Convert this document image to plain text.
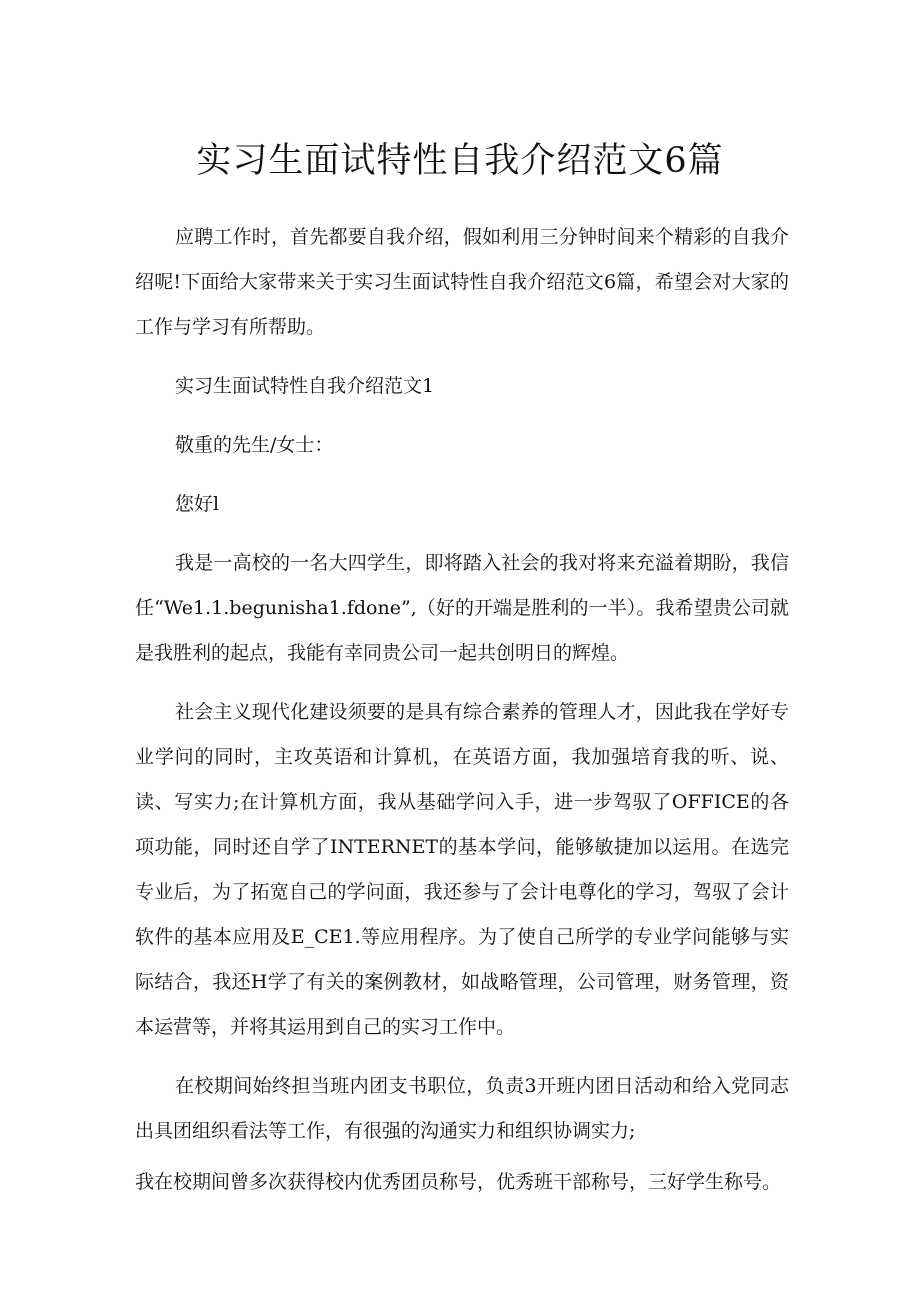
实习生面试特性自我介绍范文6篇

应聘工作时，首先都要自我介绍，假如利用三分钟时间来个精彩的自我介绍呢!下面给大家带来关于实习生面试特性自我介绍范文6篇，希望会对大家的工作与学习有所帮助。

实习生面试特性自我介绍范文1

敬重的先生/女士：

您好l

我是一高校的一名大四学生，即将踏入社会的我对将来充溢着期盼，我信任“We1.1.begunisha1.fdone”,（好的开端是胜利的一半）。我希望贵公司就是我胜利的起点，我能有幸同贵公司一起共创明日的辉煌。

社会主义现代化建设须要的是具有综合素养的管理人才，因此我在学好专业学问的同时，主攻英语和计算机，在英语方面，我加强培育我的听、说、读、写实力;在计算机方面，我从基础学问入手，进一步驾驭了OFFICE的各项功能，同时还自学了INTERNET的基本学问，能够敏捷加以运用。在选完专业后，为了拓宽自己的学问面，我还参与了会计电尊化的学习，驾驭了会计软件的基本应用及E_CE1.等应用程序。为了使自己所学的专业学问能够与实际结合，我还H学了有关的案例教材，如战略管理，公司管理，财务管理，资本运营等，并将其运用到自己的实习工作中。

在校期间始终担当班内团支书职位，负责3开班内团日活动和给入党同志出具团组织看法等工作，有很强的沟通实力和组织协调实力;

我在校期间曾多次获得校内优秀团员称号，优秀班干部称号，三好学生称号。
